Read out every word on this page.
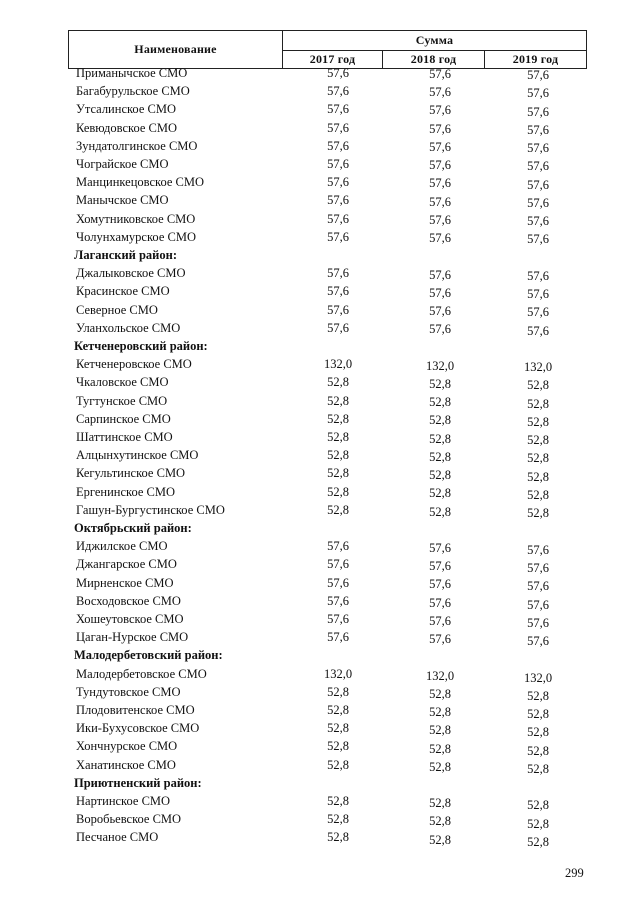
Наименование
Сумма
2017 год	2018 год	2019 год
Приманычское СМО	57,6	57,6	57,6
Багабурульское СМО	57,6	57,6	57,6
Утсалинское СМО	57,6	57,6	57,6
Кевюдовское СМО	57,6	57,6	57,6
Зундатолгинское СМО	57,6	57,6	57,6
Чограйское СМО	57,6	57,6	57,6
Манцинкецовское СМО	57,6	57,6	57,6
Манычское СМО	57,6	57,6	57,6
Хомутниковское СМО	57,6	57,6	57,6
Чолунхамурское СМО	57,6	57,6	57,6
Лаганский район:
Джалыковское СМО	57,6	57,6	57,6
Красинское СМО	57,6	57,6	57,6
Северное СМО	57,6	57,6	57,6
Уланхольское СМО	57,6	57,6	57,6
Кетченеровский район:
Кетченеровское СМО	132,0	132,0	132,0
Чкаловское СМО	52,8	52,8	52,8
Тугтунское СМО	52,8	52,8	52,8
Сарпинское СМО	52,8	52,8	52,8
Шаттинское СМО	52,8	52,8	52,8
Алцынхутинское СМО	52,8	52,8	52,8
Кегультинское СМО	52,8	52,8	52,8
Ергенинское СМО	52,8	52,8	52,8
Гашун-Бургустинское СМО	52,8	52,8	52,8
Октябрьский район:
Иджилское СМО	57,6	57,6	57,6
Джангарское СМО	57,6	57,6	57,6
Мирненское СМО	57,6	57,6	57,6
Восходовское СМО	57,6	57,6	57,6
Хошеутовское СМО	57,6	57,6	57,6
Цаган-Нурское СМО	57,6	57,6	57,6
Малодербетовский район:
Малодербетовское СМО	132,0	132,0	132,0
Тундутовское СМО	52,8	52,8	52,8
Плодовитенское СМО	52,8	52,8	52,8
Ики-Бухусовское СМО	52,8	52,8	52,8
Хончнурское СМО	52,8	52,8	52,8
Ханатинское СМО	52,8	52,8	52,8
Приютненский район:
Нартинское СМО	52,8	52,8	52,8
Воробьевское СМО	52,8	52,8	52,8
Песчаное СМО	52,8	52,8	52,8
299
